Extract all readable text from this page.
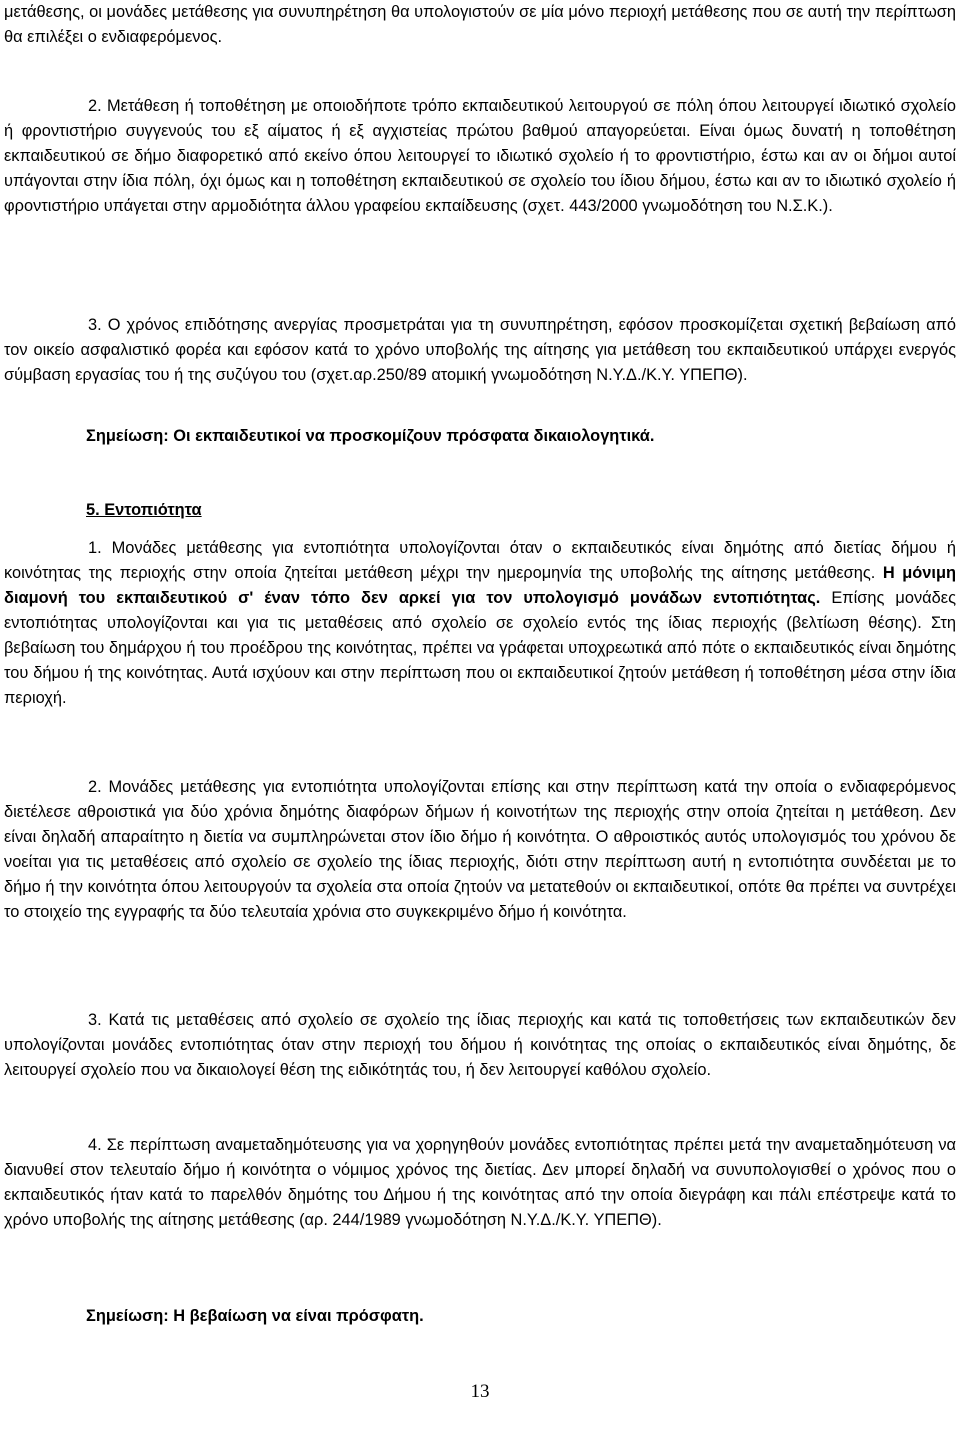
μετάθεσης, οι μονάδες μετάθεσης για συνυπηρέτηση θα υπολογιστούν σε μία μόνο περιοχή μετάθεσης που σε αυτή την περίπτωση θα επιλέξει ο ενδιαφερόμενος.

2. Μετάθεση ή τοποθέτηση με οποιοδήποτε τρόπο εκπαιδευτικού λειτουργού σε πόλη όπου λειτουργεί ιδιωτικό σχολείο ή φροντιστήριο συγγενούς του εξ αίματος ή εξ αγχιστείας πρώτου βαθμού απαγορεύεται. Είναι όμως δυνατή η τοποθέτηση εκπαιδευτικού σε δήμο διαφορετικό από εκείνο όπου λειτουργεί το ιδιωτικό σχολείο ή το φροντιστήριο, έστω και αν οι δήμοι αυτοί υπάγονται στην ίδια πόλη, όχι όμως και η τοποθέτηση εκπαιδευτικού σε σχολείο του ίδιου δήμου, έστω και αν το ιδιωτικό σχολείο ή φροντιστήριο υπάγεται στην αρμοδιότητα άλλου γραφείου εκπαίδευσης (σχετ. 443/2000 γνωμοδότηση του Ν.Σ.Κ.).

3. Ο χρόνος επιδότησης ανεργίας προσμετράται για τη συνυπηρέτηση, εφόσον προσκομίζεται σχετική βεβαίωση από τον οικείο ασφαλιστικό φορέα και εφόσον κατά το χρόνο υποβολής της αίτησης για μετάθεση του εκπαιδευτικού υπάρχει ενεργός σύμβαση εργασίας του ή της συζύγου του (σχετ.αρ.250/89 ατομική γνωμοδότηση Ν.Υ.Δ./Κ.Υ. ΥΠΕΠΘ).

Σημείωση: Οι εκπαιδευτικοί να προσκομίζουν πρόσφατα δικαιολογητικά.
5. Εντοπιότητα

1. Μονάδες μετάθεσης για εντοπιότητα υπολογίζονται όταν ο εκπαιδευτικός είναι δημότης από διετίας δήμου ή κοινότητας της περιοχής στην οποία ζητείται μετάθεση μέχρι την ημερομηνία της υποβολής της αίτησης μετάθεσης. Η μόνιμη διαμονή του εκπαιδευτικού σ' έναν τόπο δεν αρκεί για τον υπολογισμό μονάδων εντοπιότητας. Επίσης μονάδες εντοπιότητας υπολογίζονται και για τις μεταθέσεις από σχολείο σε σχολείο εντός της ίδιας περιοχής (βελτίωση θέσης). Στη βεβαίωση του δημάρχου ή του προέδρου της κοινότητας, πρέπει να γράφεται υποχρεωτικά από πότε ο εκπαιδευτικός είναι δημότης του δήμου ή της κοινότητας. Αυτά ισχύουν και στην περίπτωση που οι εκπαιδευτικοί ζητούν μετάθεση ή τοποθέτηση μέσα στην ίδια περιοχή.

2. Μονάδες μετάθεσης για εντοπιότητα υπολογίζονται επίσης και στην περίπτωση κατά την οποία ο ενδιαφερόμενος διετέλεσε αθροιστικά για δύο χρόνια δημότης διαφόρων δήμων ή κοινοτήτων της περιοχής στην οποία ζητείται η μετάθεση. Δεν είναι δηλαδή απαραίτητο η διετία να συμπληρώνεται στον ίδιο δήμο ή κοινότητα. Ο αθροιστικός αυτός υπολογισμός του χρόνου δε νοείται για τις μεταθέσεις από σχολείο σε σχολείο της ίδιας περιοχής, διότι στην περίπτωση αυτή η εντοπιότητα συνδέεται με το δήμο ή την κοινότητα όπου λειτουργούν τα σχολεία στα οποία ζητούν να μετατεθούν οι εκπαιδευτικοί, οπότε θα πρέπει να συντρέχει το στοιχείο της εγγραφής τα δύο τελευταία χρόνια στο συγκεκριμένο δήμο ή κοινότητα.

3. Κατά τις μεταθέσεις από σχολείο σε σχολείο της ίδιας περιοχής και κατά τις τοποθετήσεις των εκπαιδευτικών δεν υπολογίζονται μονάδες εντοπιότητας όταν στην περιοχή του δήμου ή κοινότητας της οποίας ο εκπαιδευτικός είναι δημότης, δε λειτουργεί σχολείο που να δικαιολογεί θέση της ειδικότητάς του, ή δεν λειτουργεί καθόλου σχολείο.

4. Σε περίπτωση αναμεταδημότευσης για να χορηγηθούν μονάδες εντοπιότητας πρέπει μετά την αναμεταδημότευση να διανυθεί στον τελευταίο δήμο ή κοινότητα ο νόμιμος χρόνος της διετίας. Δεν μπορεί δηλαδή να συνυπολογισθεί ο χρόνος που ο εκπαιδευτικός ήταν κατά το παρελθόν δημότης του Δήμου ή της κοινότητας από την οποία διεγράφη και πάλι επέστρεψε κατά το χρόνο υποβολής της αίτησης μετάθεσης (αρ. 244/1989 γνωμοδότηση Ν.Υ.Δ./Κ.Υ. ΥΠΕΠΘ).

Σημείωση: Η βεβαίωση να είναι πρόσφατη.
13
